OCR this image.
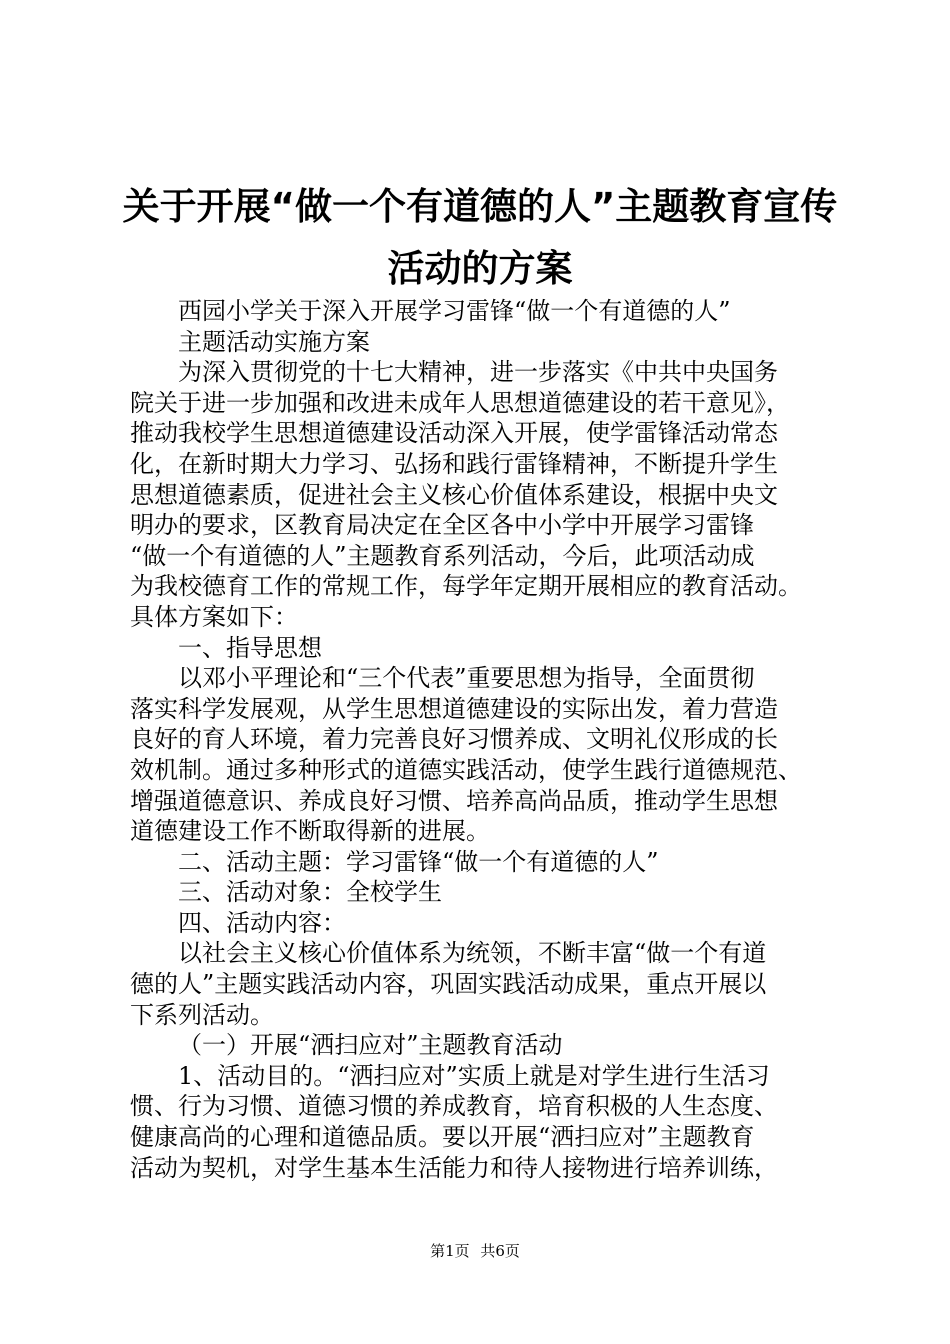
关于开展“做一个有道德的人”主题教育宣传
活动的方案
西园小学关于深入开展学习雷锋“做一个有道德的人”
主题活动实施方案
为深入贯彻党的十七大精神，进一步落实《中共中央国务
院关于进一步加强和改进未成年人思想道德建设的若干意见》，
推动我校学生思想道德建设活动深入开展，使学雷锋活动常态
化，在新时期大力学习、弘扬和践行雷锋精神，不断提升学生
思想道德素质，促进社会主义核心价值体系建设，根据中央文
明办的要求，区教育局决定在全区各中小学中开展学习雷锋
“做一个有道德的人”主题教育系列活动，今后，此项活动成
为我校德育工作的常规工作，每学年定期开展相应的教育活动。
具体方案如下：
一、指导思想
以邓小平理论和“三个代表”重要思想为指导，全面贯彻
落实科学发展观，从学生思想道德建设的实际出发，着力营造
良好的育人环境，着力完善良好习惯养成、文明礼仪形成的长
效机制。通过多种形式的道德实践活动，使学生践行道德规范、
增强道德意识、养成良好习惯、培养高尚品质，推动学生思想
道德建设工作不断取得新的进展。
二、活动主题：学习雷锋“做一个有道德的人”
三、活动对象：全校学生
四、活动内容：
以社会主义核心价值体系为统领，不断丰富“做一个有道
德的人”主题实践活动内容，巩固实践活动成果，重点开展以
下系列活动。
（一）开展“洒扫应对”主题教育活动
1、活动目的。“洒扫应对”实质上就是对学生进行生活习
惯、行为习惯、道德习惯的养成教育，培育积极的人生态度、
健康高尚的心理和道德品质。要以开展“洒扫应对”主题教育
活动为契机，对学生基本生活能力和待人接物进行培养训练，
第1页 共6页
